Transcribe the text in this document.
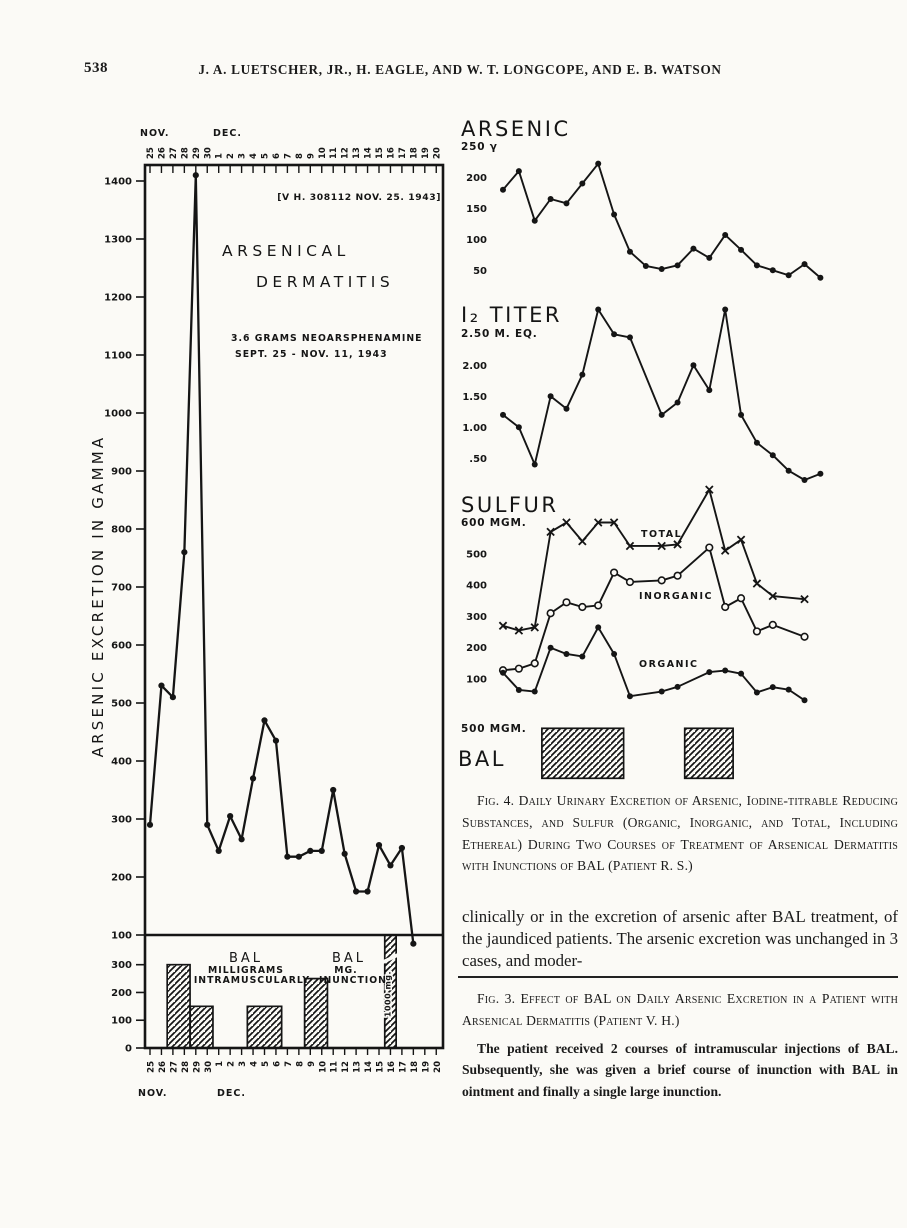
538	J. A. LUETSCHER, JR., H. EAGLE, AND W. T. LONGCOPE, AND E. B. WATSON
25
25
26
26
27
27
28
28
29
29
30
30
1
1
2
2
3
3
4
4
5
5
6
6
7
7
8
8
9
9
10
10
11
11
12
12
13
13
14
14
15
15
16
16
17
17
18
18
19
19
20
20
NOV.	DEC.
NOV.	DEC.
1400
1300
1200
1100
1000
900
800
700
600
500
400
300
200
100
300
200
100
0
[V H. 308112 NOV. 25. 1943]
ARSENICAL
DERMATITIS
3.6 GRAMS NEOARSPHENAMINE
SEPT. 25 - NOV. 11, 1943
1000 mg.
BAL
MILLIGRAMS
INTRAMUSCULARLY
BAL
MG.
INUNCTION
ARSENIC EXCRETION IN GAMMA
ARSENIC
250 γ
200
150
100
50
I₂ TITER
2.50 M. EQ.
2.00
1.50
1.00
.50
SULFUR
600 MGM.
500
400
300
200
100
TOTAL
INORGANIC
ORGANIC
500 MGM.
BAL

Fig. 4. Daily Urinary Excretion of Arsenic, Iodine-titrable Reducing Substances, and Sulfur (Organic, Inorganic, and Total, Including Ethereal) During Two Courses of Treatment of Arsenical Dermatitis with Inunctions of BAL (Patient R. S.)

clinically or in the excretion of arsenic after BAL treatment, of the jaundiced patients. The arsenic excretion was unchanged in 3 cases, and moder-

Fig. 3. Effect of BAL on Daily Arsenic Excretion in a Patient with Arsenical Dermatitis (Patient V. H.)

The patient received 2 courses of intramuscular injections of BAL. Subsequently, she was given a brief course of inunction with BAL in ointment and finally a single large inunction.
